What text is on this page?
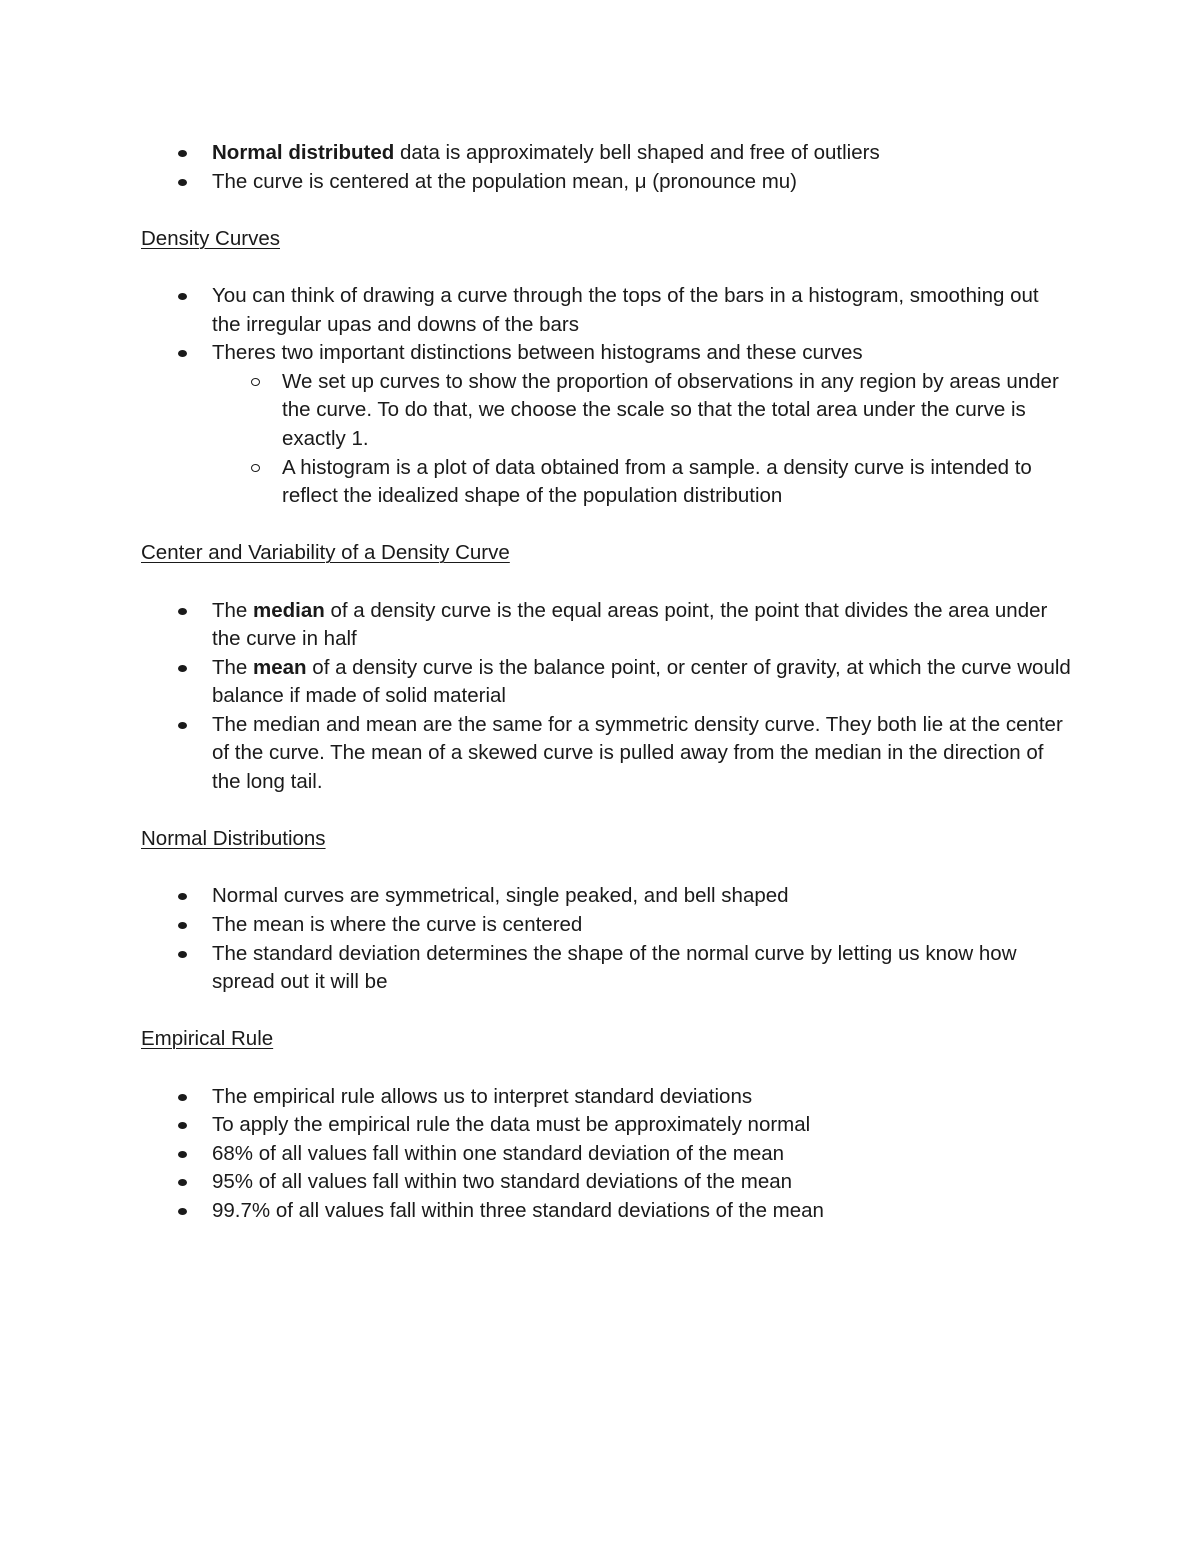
Normal distributed data is approximately bell shaped and free of outliers
The curve is centered at the population mean, μ (pronounce mu)

Density Curves

You can think of drawing a curve through the tops of the bars in a histogram, smoothing out the irregular upas and downs of the bars
Theres two important distinctions between histograms and these curves
We set up curves to show the proportion of observations in any region by areas under the curve. To do that, we choose the scale so that the total area under the curve is exactly 1.
A histogram is a plot of data obtained from a sample. a density curve is intended to reflect the idealized shape of the population distribution

Center and Variability of a Density Curve

The median of a density curve is the equal areas point, the point that divides the area under the curve in half
The mean of a density curve is the balance point, or center of gravity, at which the curve would balance if made of solid material
The median and mean are the same for a symmetric density curve. They both lie at the center of the curve. The mean of a skewed curve is pulled away from the median in the direction of the long tail.

Normal Distributions

Normal curves are symmetrical, single peaked, and bell shaped
The mean is where the curve is centered
The standard deviation determines the shape of the normal curve by letting us know how spread out it will be

Empirical Rule

The empirical rule allows us to interpret standard deviations
To apply the empirical rule the data must be approximately normal
68% of all values fall within one standard deviation of the mean
95% of all values fall within two standard deviations of the mean
99.7% of all values fall within three standard deviations of the mean
